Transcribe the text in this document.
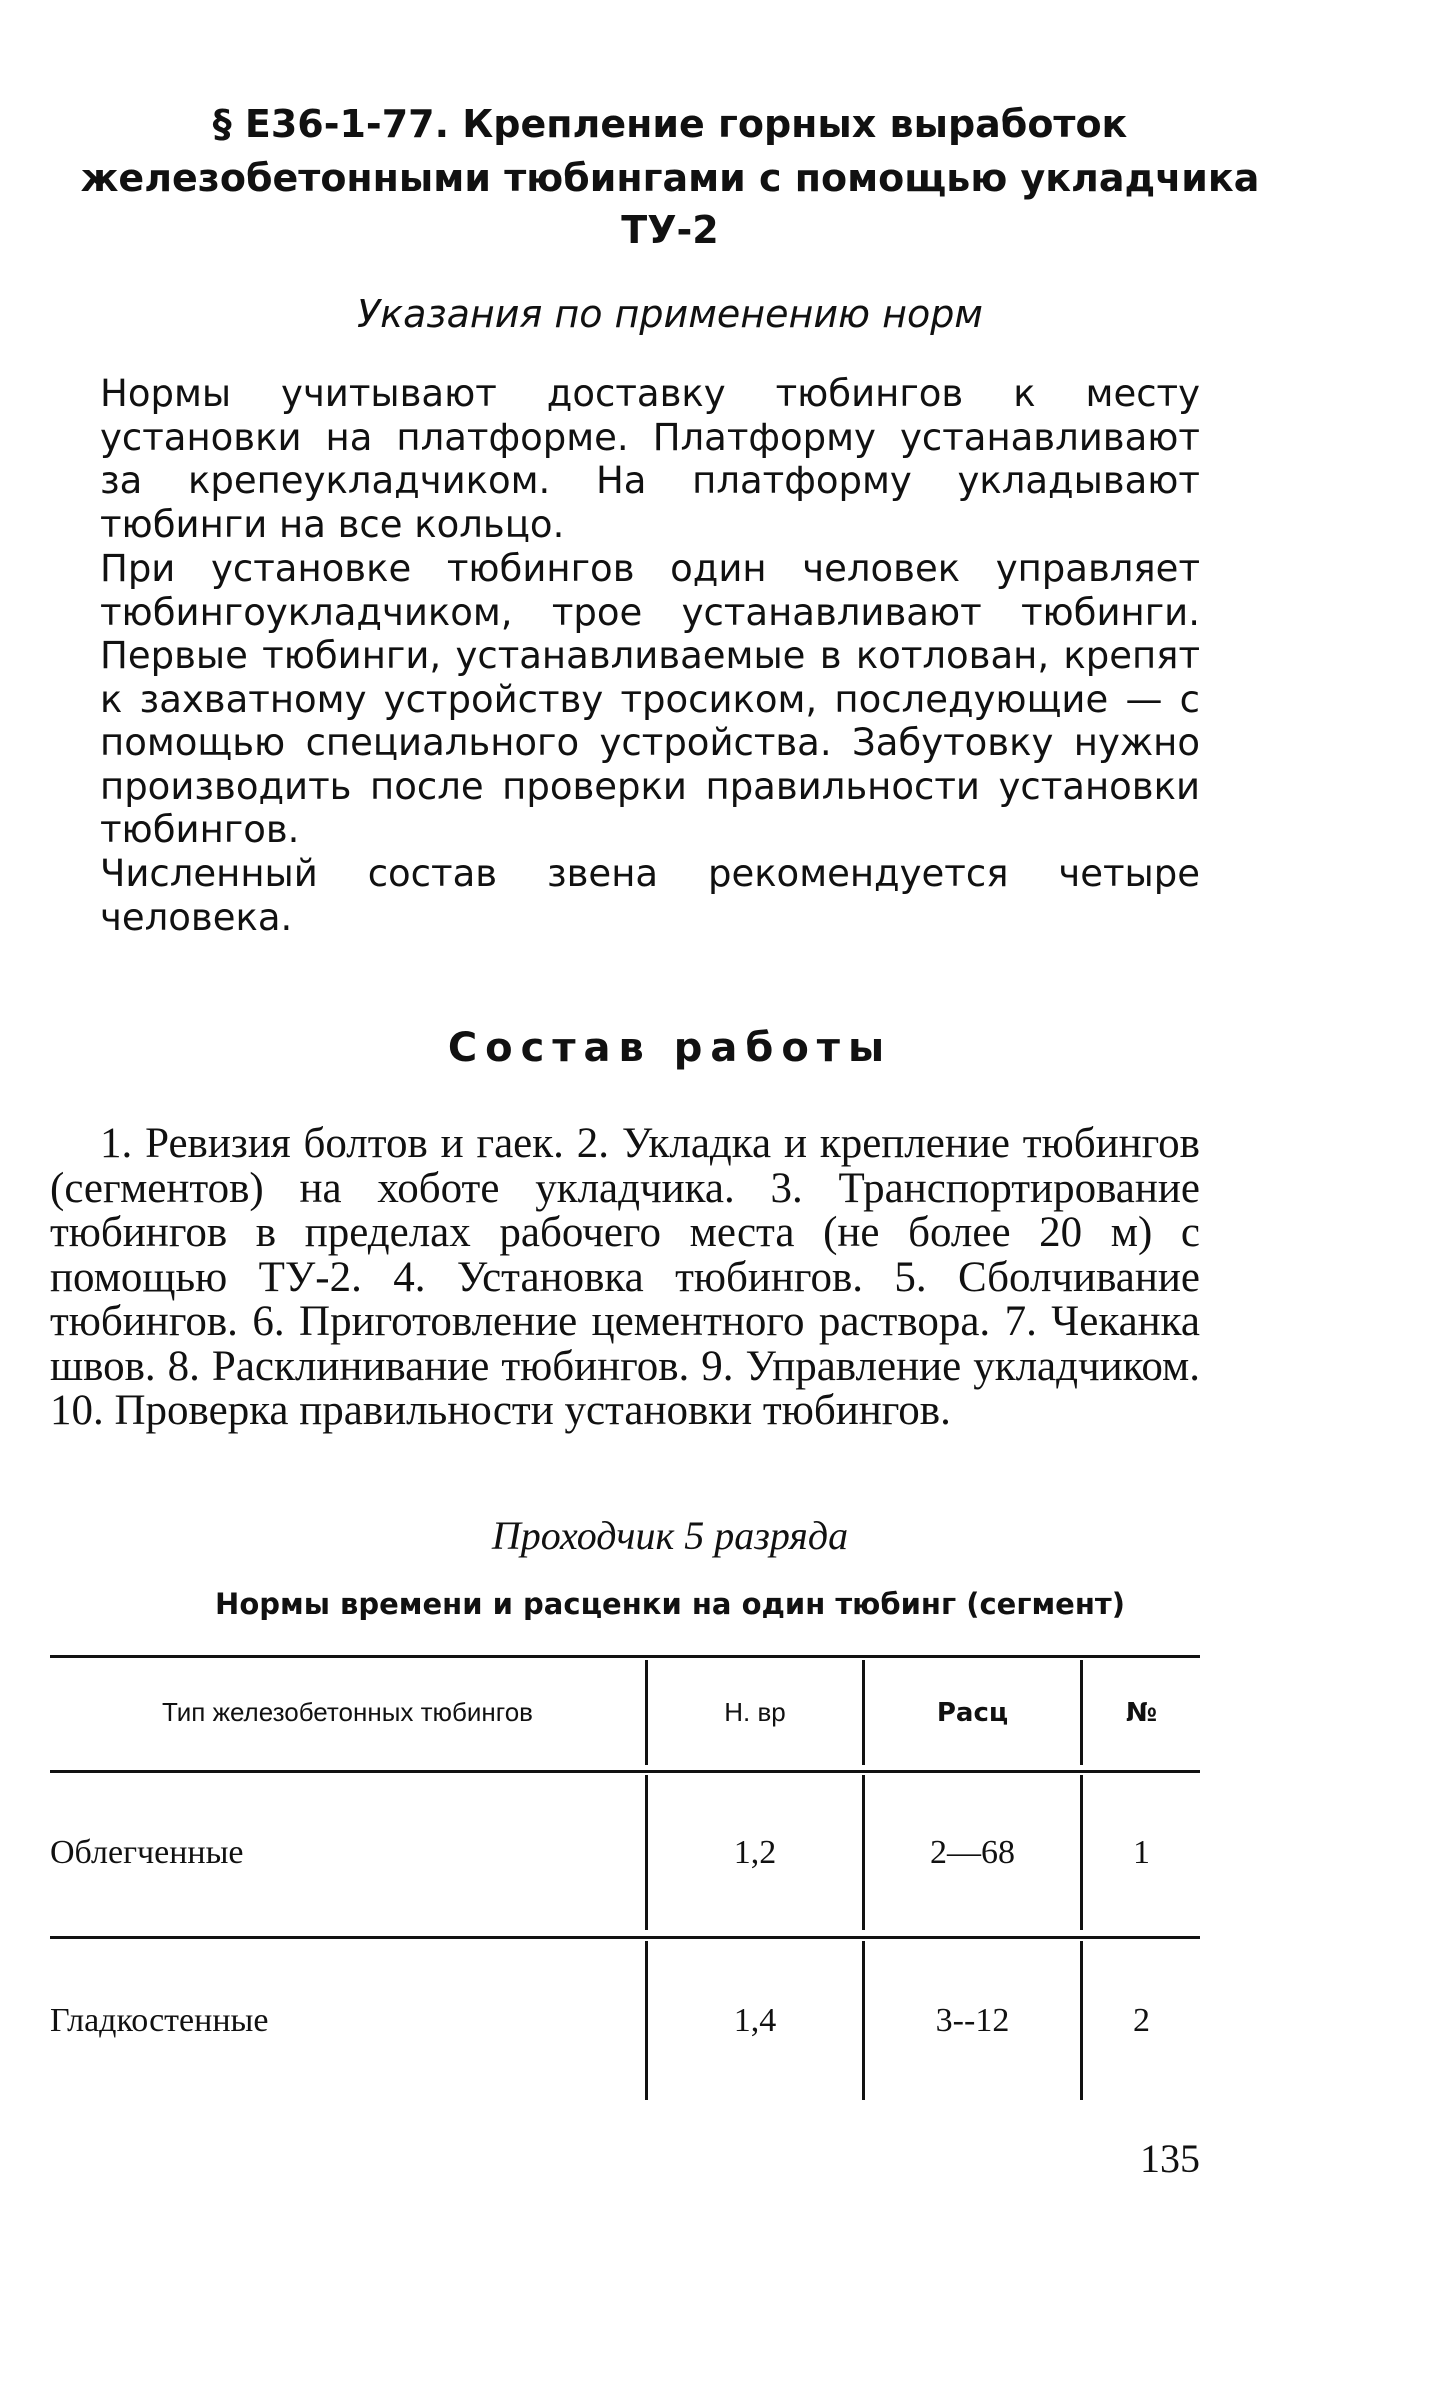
§ Е36-1-77. Крепление горных выработок
железобетонными тюбингами с помощью укладчика ТУ-2
Указания по применению норм

Нормы учитывают доставку тюбингов к месту установки на платформе. Платформу устанавливают за крепеукладчиком. На платформу укладывают тюбинги на все кольцо.

При установке тюбингов один человек управляет тюбингоукладчиком, трое устанавливают тюбинги. Первые тюбинги, устанавливаемые в котлован, крепят к захватному устройству тросиком, последующие — с помощью специального устройства. Забутовку нужно производить после проверки правильности установки тюбингов.

Численный состав звена рекомендуется четыре человека.

Состав работы

1. Ревизия болтов и гаек. 2. Укладка и крепление тюбингов (сегментов) на хоботе укладчика. 3. Транспортирование тюбингов в пределах рабочего места (не более 20 м) с помощью ТУ-2. 4. Установка тюбингов. 5. Сболчивание тюбингов. 6. Приготовление цементного раствора. 7. Чеканка швов. 8. Расклинивание тюбингов. 9. Управление укладчиком. 10. Проверка правильности установки тюбингов.

Проходчик 5 разряда
Нормы времени и расценки на один тюбинг (сегмент)
Тип железобетонных тюбингов	Н. вр	Расц	№
Облегченные	1,2	2—68	1
Гладкостенные	1,4	3--12	2
135
